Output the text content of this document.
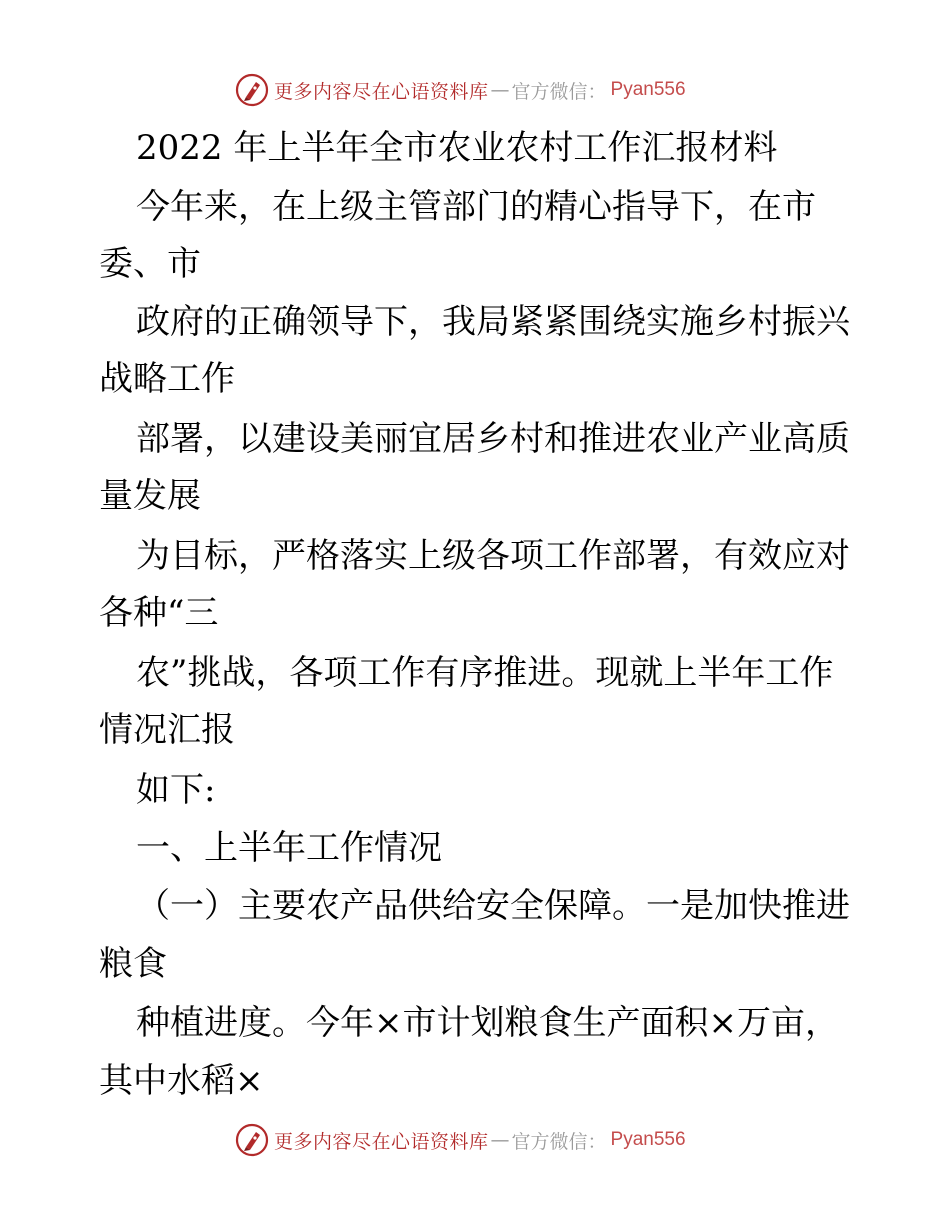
更多内容尽在心语资料库 — 官方微信： Pyan556
2022 年上半年全市农业农村工作汇报材料
今年来，在上级主管部门的精心指导下，在市
委、市
政府的正确领导下，我局紧紧围绕实施乡村振兴
战略工作
部署，以建设美丽宜居乡村和推进农业产业高质
量发展
为目标，严格落实上级各项工作部署，有效应对
各种“三
农”挑战，各项工作有序推进。现就上半年工作
情况汇报
如下:
一、上半年工作情况
（一）主要农产品供给安全保障。一是加快推进
粮食
种植进度。今年×市计划粮食生产面积×万亩，
其中水稻×
更多内容尽在心语资料库 — 官方微信： Pyan556
